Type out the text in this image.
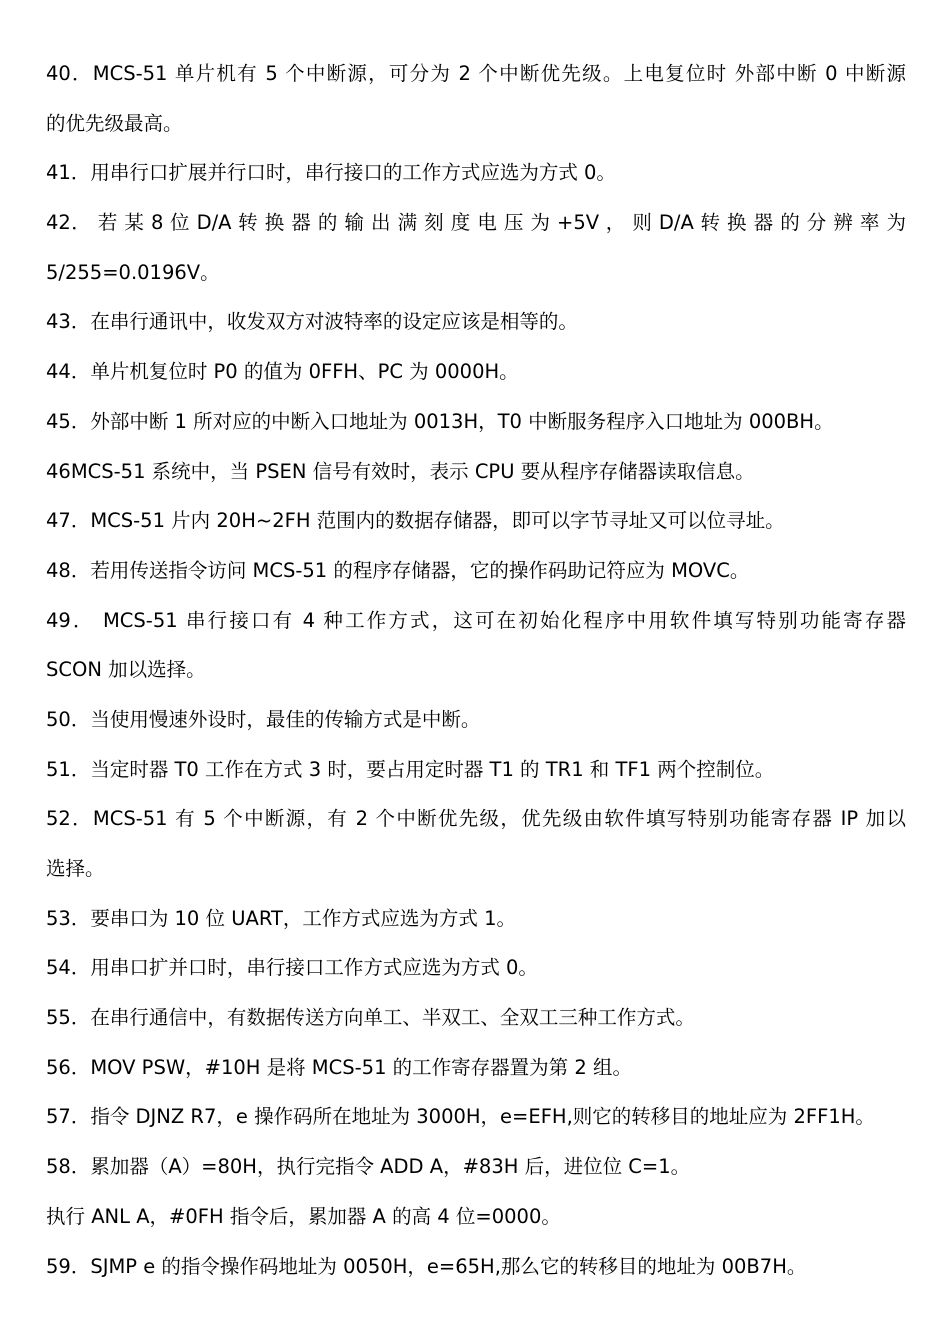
40．MCS-51 单片机有 5 个中断源，可分为 2 个中断优先级。上电复位时 外部中断 0 中断源
的优先级最高。
41．用串行口扩展并行口时，串行接口的工作方式应选为方式 0。
42． 若 某 8 位 D/A 转 换 器 的 输 出 满 刻 度 电 压 为 +5V ， 则 D/A 转 换 器 的 分 辨 率 为
5/255=0.0196V。
43．在串行通讯中，收发双方对波特率的设定应该是相等的。
44．单片机复位时 P0 的值为 0FFH、PC 为 0000H。
45．外部中断 1 所对应的中断入口地址为 0013H，T0 中断服务程序入口地址为 000BH。
46MCS-51 系统中，当 PSEN 信号有效时，表示 CPU 要从程序存储器读取信息。
47．MCS-51 片内 20H~2FH 范围内的数据存储器，即可以字节寻址又可以位寻址。
48．若用传送指令访问 MCS-51 的程序存储器，它的操作码助记符应为 MOVC。
49． MCS-51 串行接口有 4 种工作方式，这可在初始化程序中用软件填写特别功能寄存器
SCON 加以选择。
50．当使用慢速外设时，最佳的传输方式是中断。
51．当定时器 T0 工作在方式 3 时，要占用定时器 T1 的 TR1 和 TF1 两个控制位。
52．MCS-51 有 5 个中断源，有 2 个中断优先级，优先级由软件填写特别功能寄存器 IP 加以
选择。
53．要串口为 10 位 UART，工作方式应选为方式 1。
54．用串口扩并口时，串行接口工作方式应选为方式 0。
55．在串行通信中，有数据传送方向单工、半双工、全双工三种工作方式。
56．MOV PSW，#10H 是将 MCS-51 的工作寄存器置为第 2 组。
57．指令 DJNZ R7，e 操作码所在地址为 3000H，e=EFH,则它的转移目的地址应为 2FF1H。
58．累加器（A）=80H，执行完指令 ADD A，#83H 后，进位位 C=1。
执行 ANL A，#0FH 指令后，累加器 A 的高 4 位=0000。
59．SJMP e 的指令操作码地址为 0050H，e=65H,那么它的转移目的地址为 00B7H。
